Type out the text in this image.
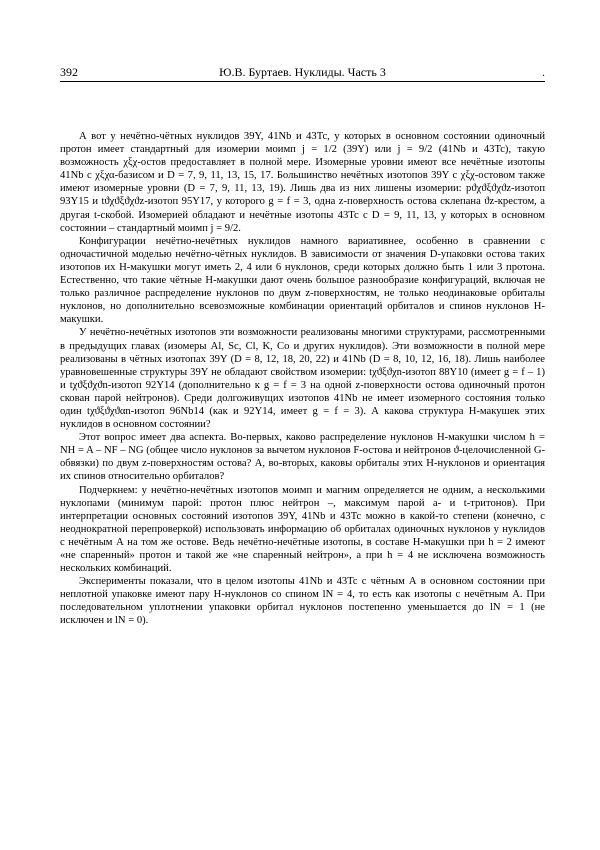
392	Ю.В. Буртаев. Нуклиды. Часть 3	.

А вот у нечётно-чётных нуклидов 39Y, 41Nb и 43Tc, у которых в основном состоянии одиночный протон имеет стандартный для изомерии моимп j = 1/2 (39Y) или j = 9/2 (41Nb и 43Tc), такую возможность χξχ-остов предоставляет в полной мере. Изомерные уровни имеют все нечётные изотопы 41Nb с χξχα-базисом и D = 7, 9, 11, 13, 15, 17. Большинство нечётных изотопов 39Y с χξχ-остовом также имеют изомерные уровни (D = 7, 9, 11, 13, 19). Лишь два из них лишены изомерии: pϑχϑξϑχϑz-изотоп 93Y15 и tϑχϑξϑχϑz-изотоп 95Y17, у которого g = f = 3, одна z-поверхность остова склепана ϑz-крестом, а другая t-скобой. Изомерией обладают и нечётные изотопы 43Tc с D = 9, 11, 13, у которых в основном состоянии – стандартный моимп j = 9/2.

Конфигурации нечётно-нечётных нуклидов намного вариативнее, особенно в сравнении с одночастичной моделью нечётно-чётных нуклидов. В зависимости от значения D-упаковки остова таких изотопов их Н-макушки могут иметь 2, 4 или 6 нуклонов, среди которых должно быть 1 или 3 протона. Естественно, что такие чётные Н-макушки дают очень большое разнообразие конфигураций, включая не только различное распределение нуклонов по двум z-поверхностям, не только неодинаковые орбиталы нуклонов, но дополнительно всевозможные комбинации ориентаций орбиталов и спинов нуклонов Н-макушки.

У нечётно-нечётных изотопов эти возможности реализованы многими структурами, рассмотренными в предыдущих главах (изомеры Al, Sc, Cl, K, Co и других нуклидов). Эти возможности в полной мере реализованы в чётных изотопах 39Y (D = 8, 12, 18, 20, 22) и 41Nb (D = 8, 10, 12, 16, 18). Лишь наиболее уравновешенные структуры 39Y не обладают свойством изомерии: tχϑξϑχn-изотоп 88Y10 (имеет g = f – 1) и tχϑξϑχϑn-изотоп 92Y14 (дополнительно к g = f = 3 на одной z-поверхности остова одиночный протон скован парой нейтронов). Среди долгоживущих изотопов 41Nb не имеет изомерного состояния только один tχϑξϑχϑαn-изотоп 96Nb14 (как и 92Y14, имеет g = f = 3). А какова структура Н-макушек этих нуклидов в основном состоянии?

Этот вопрос имеет два аспекта. Во-первых, каково распределение нуклонов Н-макушки числом h = NH = A – NF – NG (общее число нуклонов за вычетом нуклонов F-остова и нейтронов ϑ-целочисленной G-обвязки) по двум z-поверхностям остова? А, во-вторых, каковы орбиталы этих Н-нуклонов и ориентация их спинов относительно орбиталов?

Подчеркнем: у нечётно-нечётных изотопов моимп и магним определяется не одним, а несколькими нуклопами (минимум парой: протон плюс нейтрон –, максимум парой a- и t-тритонов). При интерпретации основных состояний изотопов 39Y, 41Nb и 43Tc можно в какой-то степени (конечно, с неоднократной перепроверкой) использовать информацию об орбиталах одиночных нуклонов у нуклидов с нечётным А на том же остове. Ведь нечётно-нечётные изотопы, в составе Н-макушки при h = 2 имеют «не спаренный» протон и такой же «не спаренный нейтрон», а при h = 4 не исключена возможность нескольких комбинаций.

Эксперименты показали, что в целом изотопы 41Nb и 43Tc с чётным А в основном состоянии при неплотной упаковке имеют пару Н-нуклонов со спином lN = 4, то есть как изотопы с нечётным А. При последовательном уплотнении упаковки орбитал нуклонов постепенно уменьшается до lN = 1 (не исключен и lN = 0).
